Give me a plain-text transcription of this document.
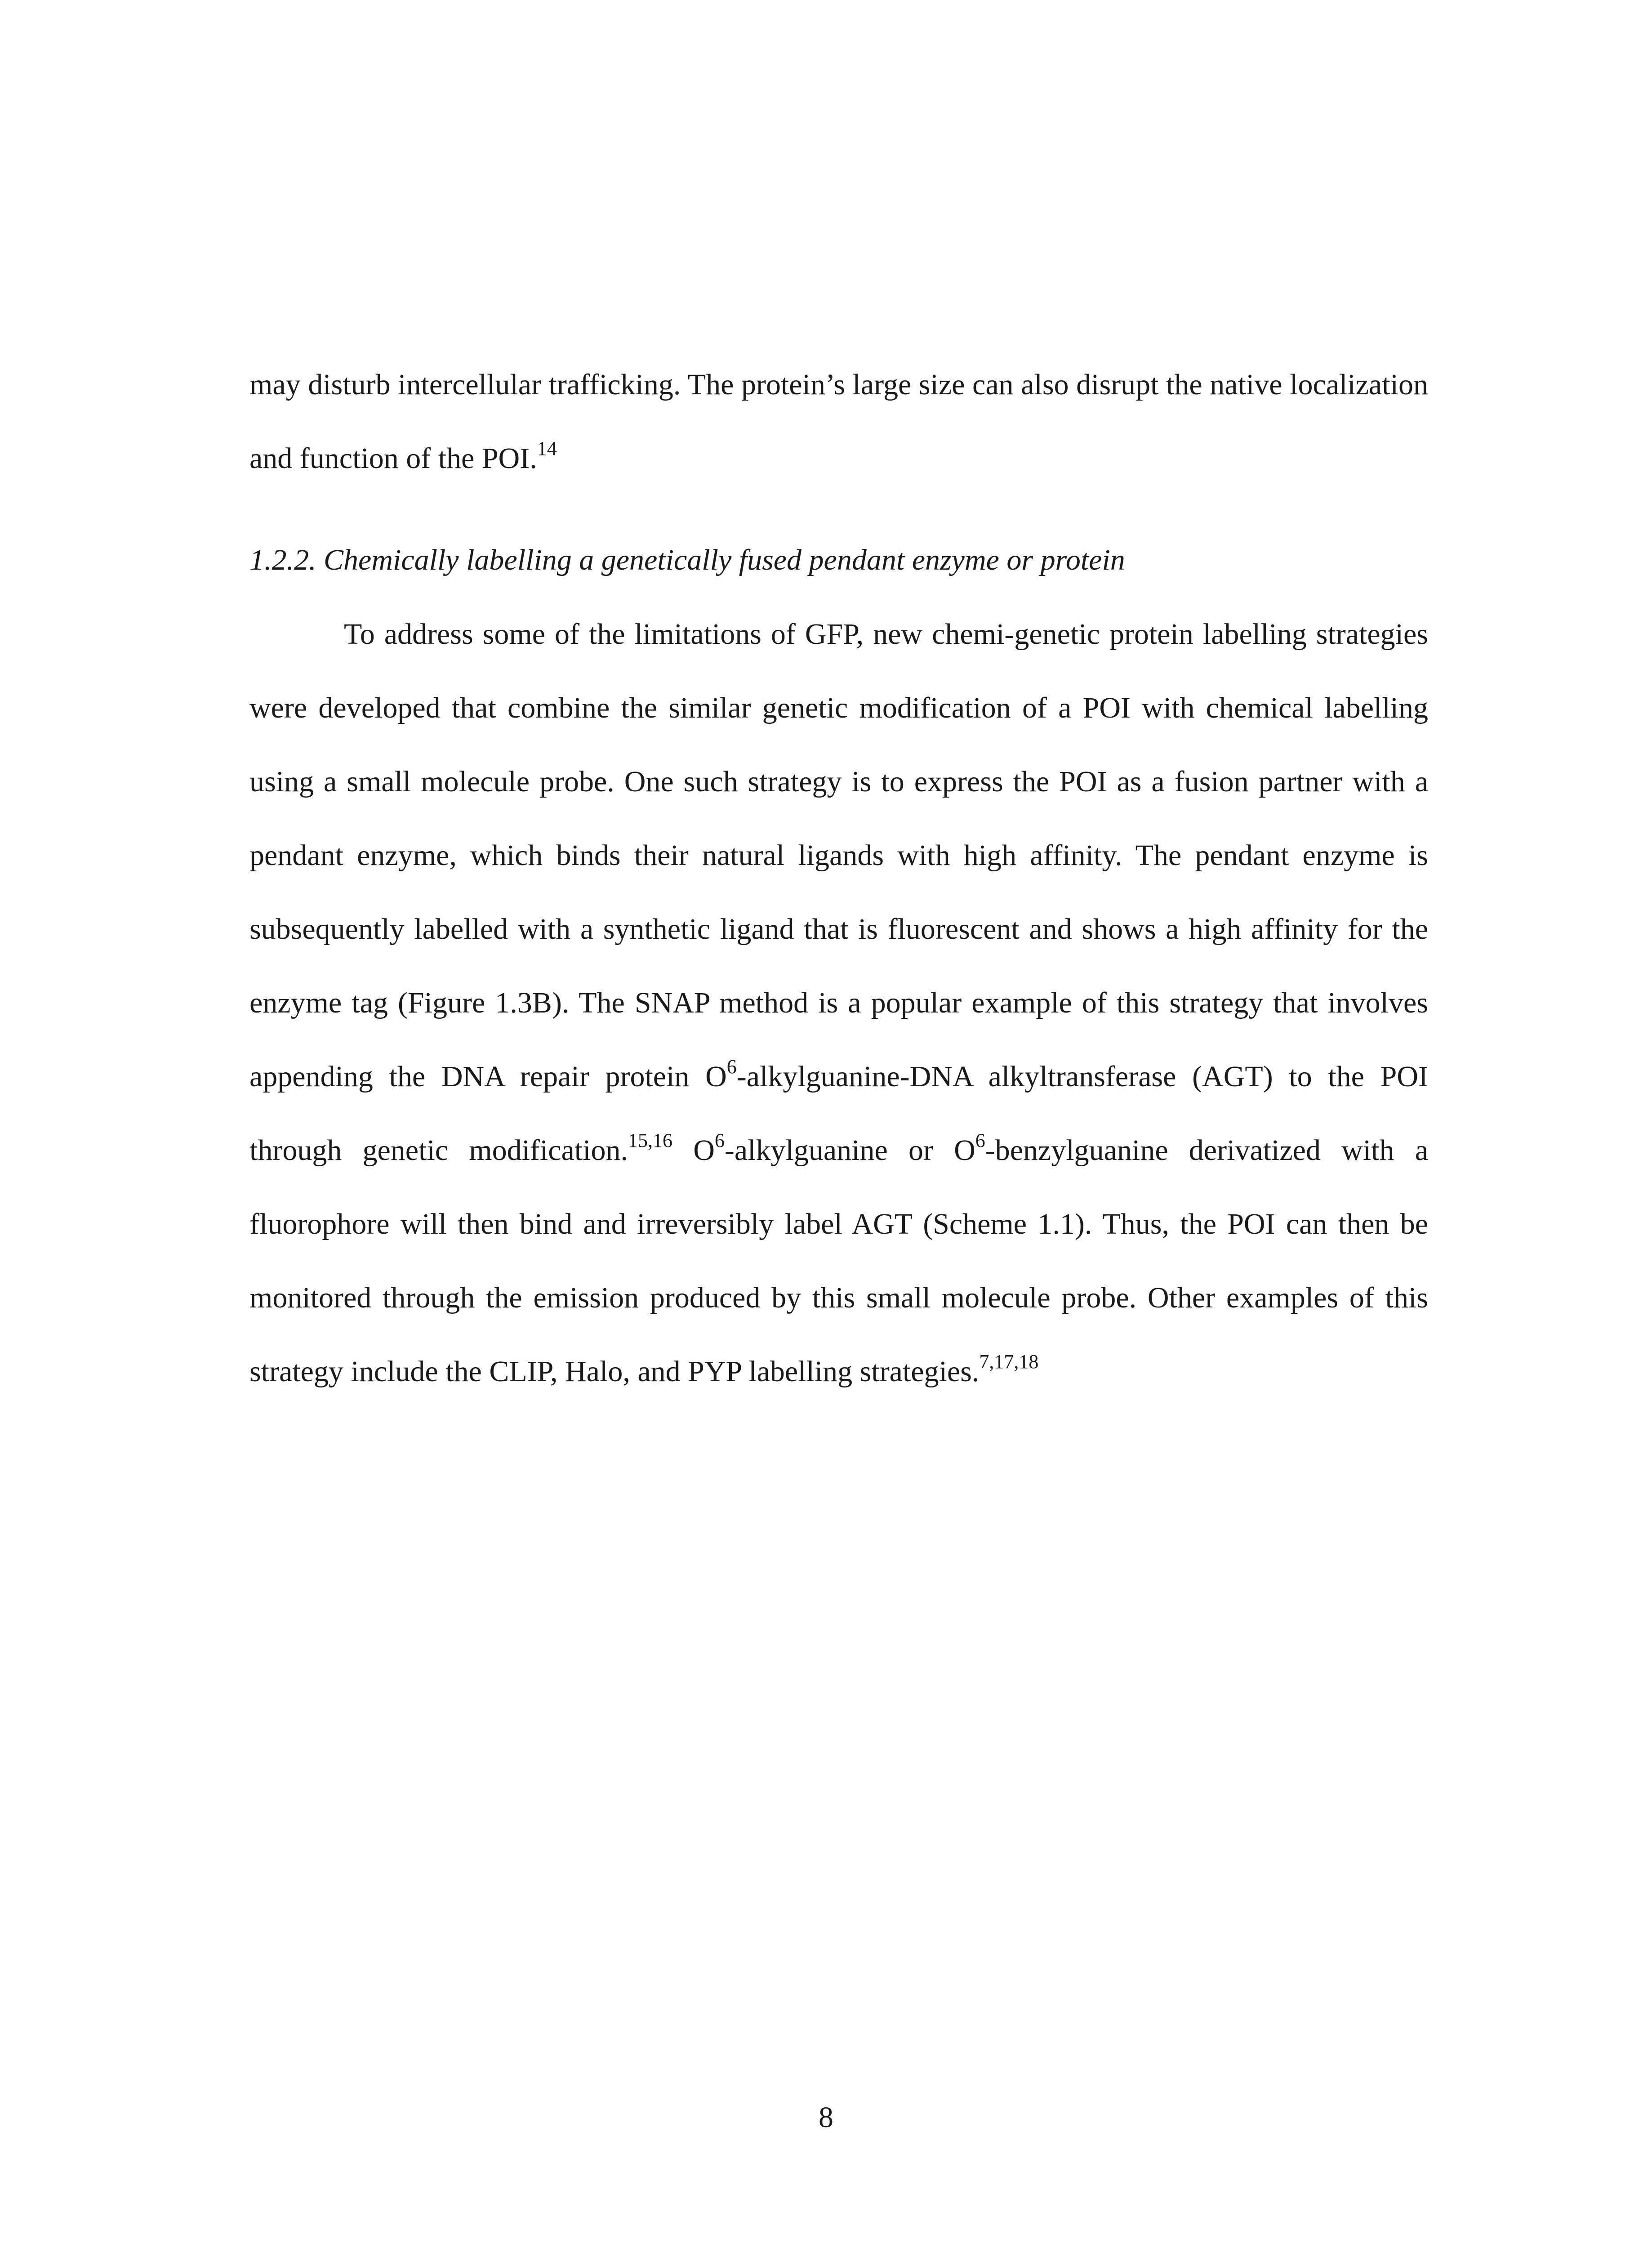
may disturb intercellular trafficking. The protein’s large size can also disrupt the native localization and function of the POI.$^{14}$

1.2.2. Chemically labelling a genetically fused pendant enzyme or protein

To address some of the limitations of GFP, new chemi-genetic protein labelling strategies were developed that combine the similar genetic modification of a POI with chemical labelling using a small molecule probe. One such strategy is to express the POI as a fusion partner with a pendant enzyme, which binds their natural ligands with high affinity. The pendant enzyme is subsequently labelled with a synthetic ligand that is fluorescent and shows a high affinity for the enzyme tag (Figure 1.3B). The SNAP method is a popular example of this strategy that involves appending the DNA repair protein $O^6-alkylguanine$-DNA alkyltransferase (AGT) to the POI through genetic modification.$^{15,16}$ $O^6$-alkylguanine or $O^6$-benzylguanine derivatized with a fluorophore will then bind and irreversibly label AGT (Scheme 1.1). Thus, the POI can then be monitored through the emission produced by this small molecule probe. Other examples of this strategy include the CLIP, Halo, and PYP labelling strategies.$^{7,17,18}$

8
